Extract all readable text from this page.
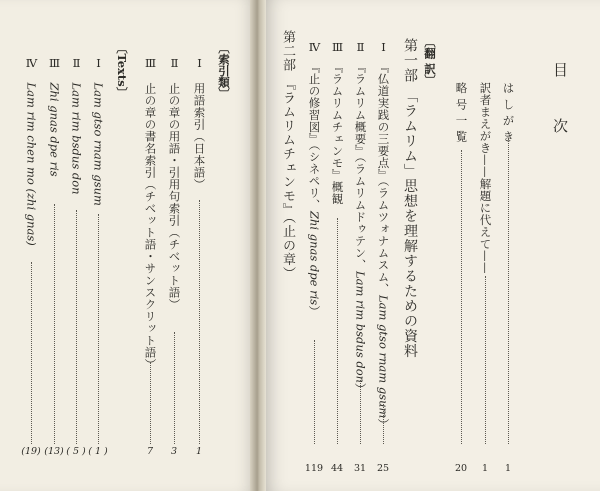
目 次
は し が き
1
訳者まえがき——解題に代えて——
1
略 号 一 覧
20
〔翻 訳〕
第一部 「ラムリム」思想を理解するための資料
Ⅰ　『仏道実践の三要点』（ラムツォナムスム、Lam gtso rnam gsum）
25
Ⅱ　『ラムリム概要』（ラムリムドゥテン、Lam rim bsdus don）
31
Ⅲ　『ラムリムチェンモ』概観
44
Ⅳ　『止の修習図』（シネペリ、Zhi gnas dpe ris）
119
第二部 『ラムリムチェンモ』（止の章）
〔索引類〕
Ⅰ　用語索引（日本語）
1
Ⅱ　止の章の用語・引用句索引（チベット語）
3
Ⅲ　止の章の書名索引（チベット語・サンスクリット語）
7
〔Texts〕
Ⅰ　Lam gtso rnam gsum
( 1 )
Ⅱ　Lam rim bsdus don
( 5 )
Ⅲ　Zhi gnas dpe ris
(13)
Ⅳ　Lam rim chen mo (zhi gnas)
(19)
